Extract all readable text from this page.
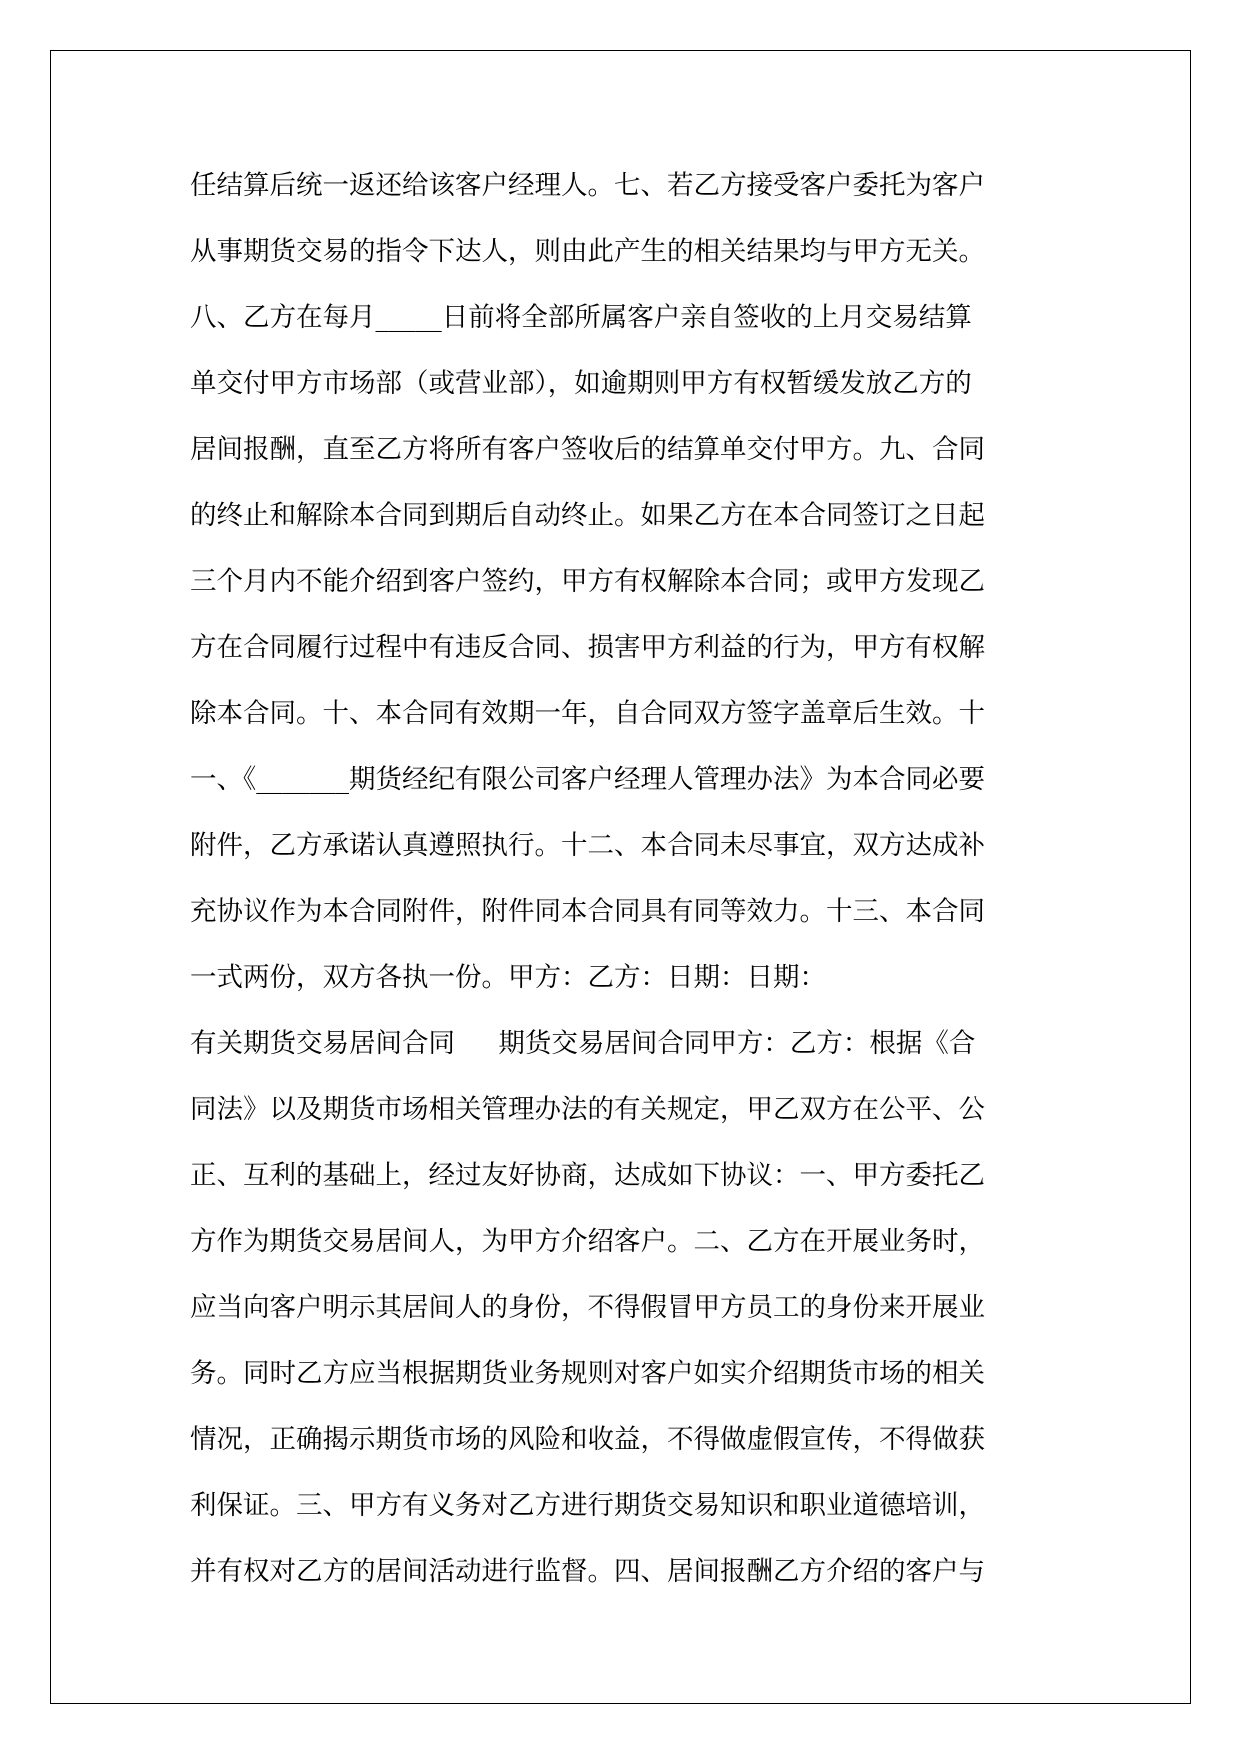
任结算后统一返还给该客户经理人。七、若乙方接受客户委托为客户
从事期货交易的指令下达人，则由此产生的相关结果均与甲方无关。
八、乙方在每月_____日前将全部所属客户亲自签收的上月交易结算
单交付甲方市场部（或营业部），如逾期则甲方有权暂缓发放乙方的
居间报酬，直至乙方将所有客户签收后的结算单交付甲方。九、合同
的终止和解除本合同到期后自动终止。如果乙方在本合同签订之日起
三个月内不能介绍到客户签约，甲方有权解除本合同；或甲方发现乙
方在合同履行过程中有违反合同、损害甲方利益的行为，甲方有权解
除本合同。十、本合同有效期一年，自合同双方签字盖章后生效。十
一、《_______期货经纪有限公司客户经理人管理办法》为本合同必要
附件，乙方承诺认真遵照执行。十二、本合同未尽事宜，双方达成补
充协议作为本合同附件，附件同本合同具有同等效力。十三、本合同
一式两份，双方各执一份。甲方：乙方：日期：日期：
有关期货交易居间合同　  期货交易居间合同甲方：乙方：根据《合
同法》以及期货市场相关管理办法的有关规定，甲乙双方在公平、公
正、互利的基础上，经过友好协商，达成如下协议：一、甲方委托乙
方作为期货交易居间人，为甲方介绍客户。二、乙方在开展业务时，
应当向客户明示其居间人的身份，不得假冒甲方员工的身份来开展业
务。同时乙方应当根据期货业务规则对客户如实介绍期货市场的相关
情况，正确揭示期货市场的风险和收益，不得做虚假宣传，不得做获
利保证。三、甲方有义务对乙方进行期货交易知识和职业道德培训，
并有权对乙方的居间活动进行监督。四、居间报酬乙方介绍的客户与
